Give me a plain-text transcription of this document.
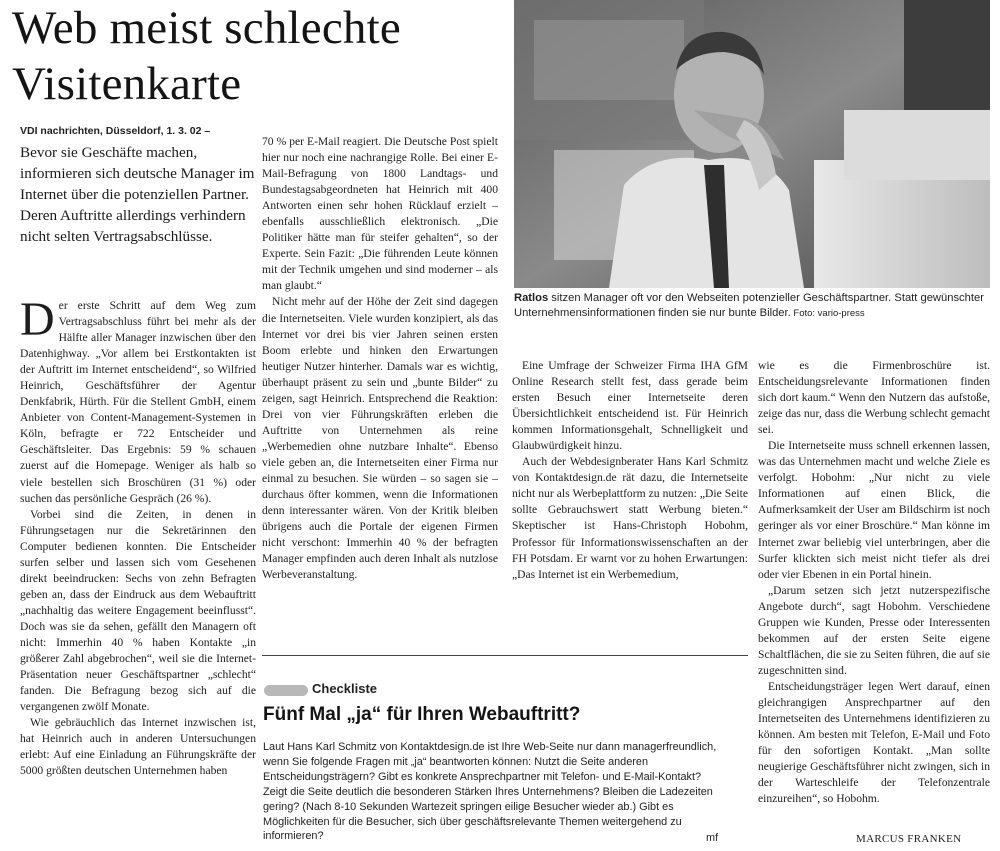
Web meist schlechte Visitenkarte
VDI nachrichten, Düsseldorf, 1. 3. 02 –
Bevor sie Geschäfte machen, informieren sich deutsche Manager im Internet über die potenziellen Partner. Deren Auftritte allerdings verhindern nicht selten Vertragsabschlüsse.

Der erste Schritt auf dem Weg zum Vertragsabschluss führt bei mehr als der Hälfte aller Manager inzwischen über den Datenhighway. „Vor allem bei Erstkontakten ist der Auftritt im Internet entscheidend“, so Wilfried Heinrich, Geschäftsführer der Agentur Denkfabrik, Hürth. Für die Stellent GmbH, einem Anbieter von Content-Management-Systemen in Köln, befragte er 722 Entscheider und Geschäftsleiter. Das Ergebnis: 59 % schauen zuerst auf die Homepage. Weniger als halb so viele bestellen sich Broschüren (31 %) oder suchen das persönliche Gespräch (26 %).

Vorbei sind die Zeiten, in denen in Führungsetagen nur die Sekretärinnen den Computer bedienen konnten. Die Entscheider surfen selber und lassen sich vom Gesehenen direkt beeindrucken: Sechs von zehn Befragten geben an, dass der Eindruck aus dem Webauftritt „nachhaltig das weitere Engagement beeinflusst“. Doch was sie da sehen, gefällt den Managern oft nicht: Immerhin 40 % haben Kontakte „in größerer Zahl abgebrochen“, weil sie die Internet-Präsentation neuer Geschäftspartner „schlecht“ fanden. Die Befragung bezog sich auf die vergangenen zwölf Monate.

Wie gebräuchlich das Internet inzwischen ist, hat Heinrich auch in anderen Untersuchungen erlebt: Auf eine Einladung an Führungskräfte der 5000 größten deutschen Unternehmen haben

70 % per E-Mail reagiert. Die Deutsche Post spielt hier nur noch eine nachrangige Rolle. Bei einer E-Mail-Befragung von 1800 Landtags- und Bundestagsabgeordneten hat Heinrich mit 400 Antworten einen sehr hohen Rücklauf erzielt – ebenfalls ausschließlich elektronisch. „Die Politiker hätte man für steifer gehalten“, so der Experte. Sein Fazit: „Die führenden Leute können mit der Technik umgehen und sind moderner – als man glaubt.“

Nicht mehr auf der Höhe der Zeit sind dagegen die Internetseiten. Viele wurden konzipiert, als das Internet vor drei bis vier Jahren seinen ersten Boom erlebte und hinken den Erwartungen heutiger Nutzer hinterher. Damals war es wichtig, überhaupt präsent zu sein und „bunte Bilder“ zu zeigen, sagt Heinrich. Entsprechend die Reaktion: Drei von vier Führungskräften erleben die Auftritte von Unternehmen als reine „Werbemedien ohne nutzbare Inhalte“. Ebenso viele geben an, die Internetseiten einer Firma nur einmal zu besuchen. Sie würden – so sagen sie – durchaus öfter kommen, wenn die Informationen denn interessanter wären. Von der Kritik bleiben übrigens auch die Portale der eigenen Firmen nicht verschont: Immerhin 40 % der befragten Manager empfinden auch deren Inhalt als nutzlose Werbeveranstaltung.

Ratlos sitzen Manager oft vor den Webseiten potenzieller Geschäftspartner. Statt gewünschter Unternehmensinformationen finden sie nur bunte Bilder. Foto: vario-press

Eine Umfrage der Schweizer Firma IHA GfM Online Research stellt fest, dass gerade beim ersten Besuch einer Internetseite deren Übersichtlichkeit entscheidend ist. Für Heinrich kommen Informationsgehalt, Schnelligkeit und Glaubwürdigkeit hinzu.

Auch der Webdesignberater Hans Karl Schmitz von Kontaktdesign.de rät dazu, die Internetseite nicht nur als Werbeplattform zu nutzen: „Die Seite sollte Gebrauchswert statt Werbung bieten.“ Skeptischer ist Hans-Christoph Hobohm, Professor für Informationswissenschaften an der FH Potsdam. Er warnt vor zu hohen Erwartungen: „Das Internet ist ein Werbemedium,

wie es die Firmenbroschüre ist. Entscheidungsrelevante Informationen finden sich dort kaum.“ Wenn den Nutzern das aufstoße, zeige das nur, dass die Werbung schlecht gemacht sei.

Die Internetseite muss schnell erkennen lassen, was das Unternehmen macht und welche Ziele es verfolgt. Hobohm: „Nur nicht zu viele Informationen auf einen Blick, die Aufmerksamkeit der User am Bildschirm ist noch geringer als vor einer Broschüre.“ Man könne im Internet zwar beliebig viel unterbringen, aber die Surfer klickten sich meist nicht tiefer als drei oder vier Ebenen in ein Portal hinein.

„Darum setzen sich jetzt nutzerspezifische Angebote durch“, sagt Hobohm. Verschiedene Gruppen wie Kunden, Presse oder Interessenten bekommen auf der ersten Seite eigene Schaltflächen, die sie zu Seiten führen, die auf sie zugeschnitten sind.

Entscheidungsträger legen Wert darauf, einen gleichrangigen Ansprechpartner auf den Internetseiten des Unternehmens identifizieren zu können. Am besten mit Telefon, E-Mail und Foto für den sofortigen Kontakt. „Man sollte neugierige Geschäftsführer nicht zwingen, sich in der Warteschleife der Telefonzentrale einzureihen“, so Hobohm.

Checkliste
Fünf Mal „ja“ für Ihren Webauftritt?
Laut Hans Karl Schmitz von Kontaktdesign.de ist Ihre Web-Seite nur dann managerfreundlich, wenn Sie folgende Fragen mit „ja“ beantworten können: Nutzt die Seite anderen Entscheidungsträgern? Gibt es konkrete Ansprechpartner mit Telefon- und E-Mail-Kontakt? Zeigt die Seite deutlich die besonderen Stärken Ihres Unternehmens? Bleiben die Ladezeiten gering? (Nach 8-10 Sekunden Wartezeit springen eilige Besucher wieder ab.) Gibt es Möglichkeiten für die Besucher, sich über geschäftsrelevante Themen weitergehend zu informieren?	mf	MARCUS FRANKEN
